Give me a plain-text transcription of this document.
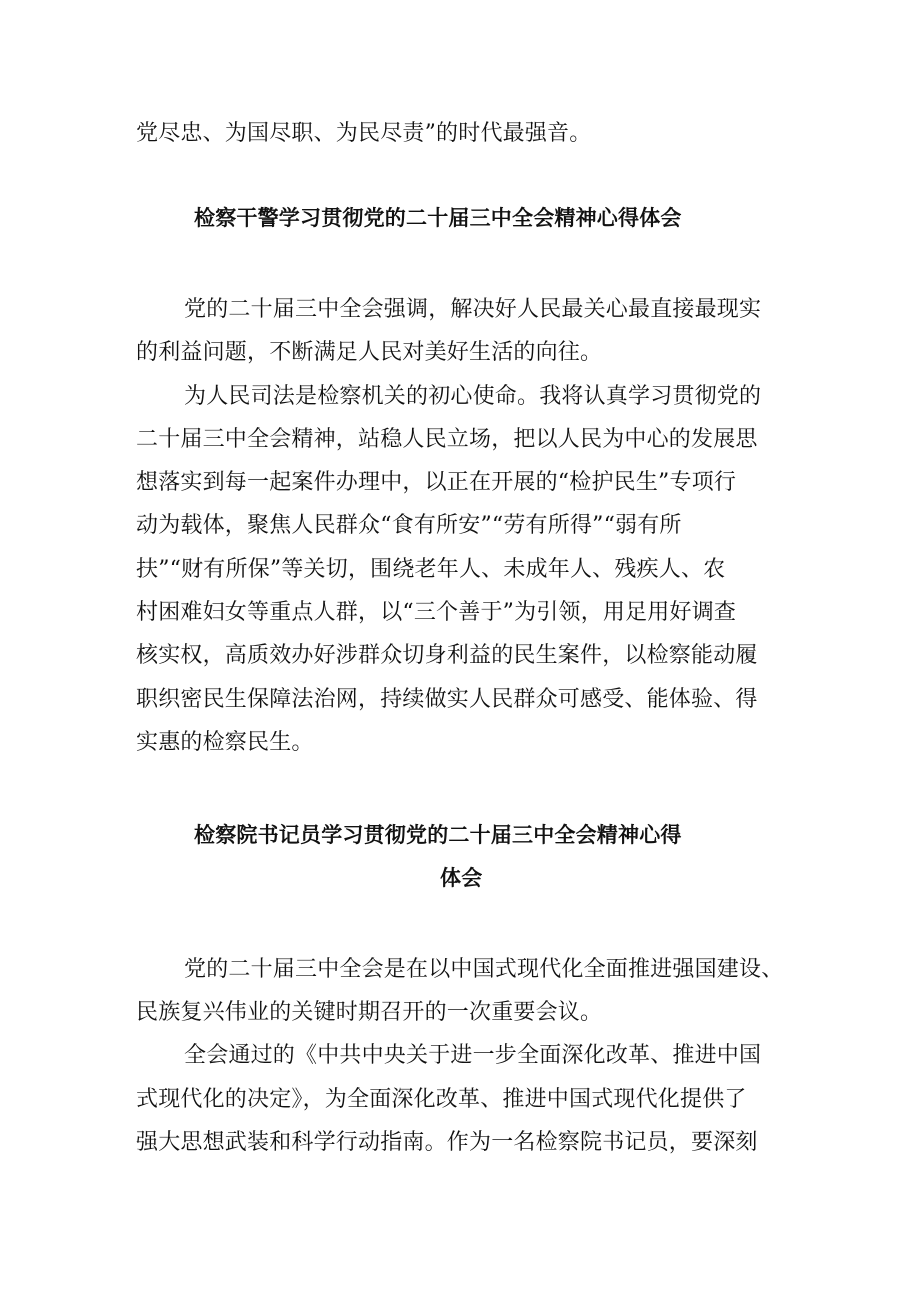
党尽忠、为国尽职、为民尽责”的时代最强音。
检察干警学习贯彻党的二十届三中全会精神心得体会
党的二十届三中全会强调，解决好人民最关心最直接最现实
的利益问题，不断满足人民对美好生活的向往。
为人民司法是检察机关的初心使命。我将认真学习贯彻党的
二十届三中全会精神，站稳人民立场，把以人民为中心的发展思
想落实到每一起案件办理中，以正在开展的“检护民生”专项行
动为载体，聚焦人民群众“食有所安”“劳有所得”“弱有所
扶”“财有所保”等关切，围绕老年人、未成年人、残疾人、农
村困难妇女等重点人群，以“三个善于”为引领，用足用好调查
核实权，高质效办好涉群众切身利益的民生案件，以检察能动履
职织密民生保障法治网，持续做实人民群众可感受、能体验、得
实惠的检察民生。
检察院书记员学习贯彻党的二十届三中全会精神心得
体会
党的二十届三中全会是在以中国式现代化全面推进强国建设、
民族复兴伟业的关键时期召开的一次重要会议。
全会通过的《中共中央关于进一步全面深化改革、推进中国
式现代化的决定》，为全面深化改革、推进中国式现代化提供了
强大思想武装和科学行动指南。作为一名检察院书记员，要深刻
